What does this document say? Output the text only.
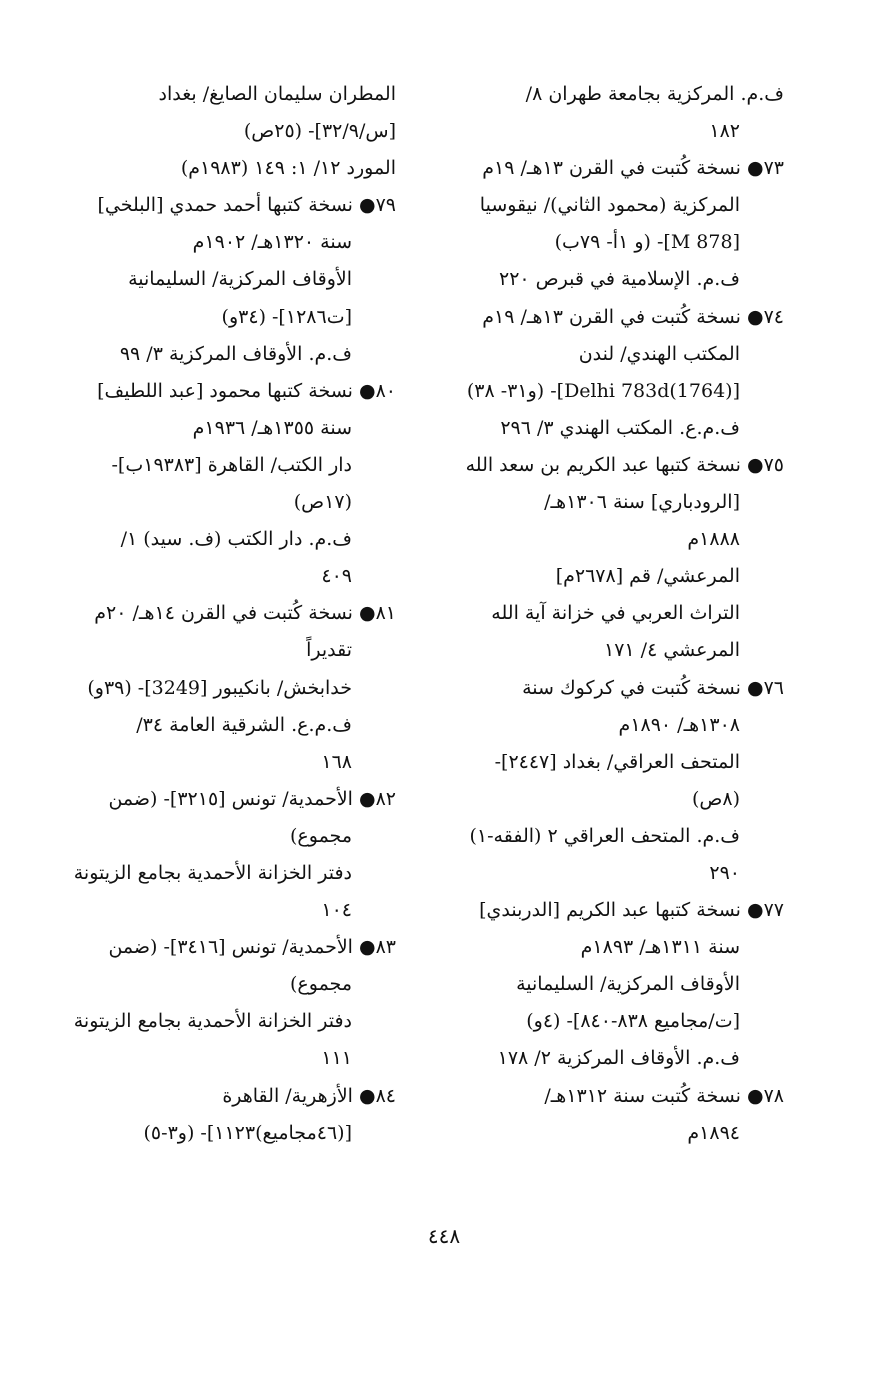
ف.م. المركزية بجامعة طهران ٨/
١٨٢
٧٣● نسخة كُتبت في القرن ١٣هـ/ ١٩م
المركزية (محمود الثاني)/ نيقوسيا
[M 878]- (و ١أ- ٧٩ب)
ف.م. الإسلامية في قبرص ٢٢٠
٧٤● نسخة كُتبت في القرن ١٣هـ/ ١٩م
المكتب الهندي/ لندن
[Delhi 783d(1764)]- (و٣١- ٣٨)
ف.م.ع. المكتب الهندي ٣/ ٢٩٦
٧٥● نسخة كتبها عبد الكريم بن سعد الله
[الرودباري] سنة ١٣٠٦هـ/
١٨٨٨م
المرعشي/ قم [٢٦٧٨م]
التراث العربي في خزانة آية الله
المرعشي ٤/ ١٧١
٧٦● نسخة كُتبت في كركوك سنة
١٣٠٨هـ/ ١٨٩٠م
المتحف العراقي/ بغداد [٢٤٤٧]-
(٨ص)
ف.م. المتحف العراقي ٢ (الفقه-١)
٢٩٠
٧٧● نسخة كتبها عبد الكريم [الدربندي]
سنة ١٣١١هـ/ ١٨٩٣م
الأوقاف المركزية/ السليمانية
[ت/مجاميع ٨٣٨-٨٤٠]- (٤و)
ف.م. الأوقاف المركزية ٢/ ١٧٨
٧٨● نسخة كُتبت سنة ١٣١٢هـ/
١٨٩٤م
المطران سليمان الصايغ/ بغداد
[س/٣٢/٩]- (٢٥ص)
المورد ١٢/ ١: ١٤٩ (١٩٨٣م)
٧٩● نسخة كتبها أحمد حمدي [البلخي]
سنة ١٣٢٠هـ/ ١٩٠٢م
الأوقاف المركزية/ السليمانية
[ت١٢٨٦]- (٣٤و)
ف.م. الأوقاف المركزية ٣/ ٩٩
٨٠● نسخة كتبها محمود [عبد اللطيف]
سنة ١٣٥٥هـ/ ١٩٣٦م
دار الكتب/ القاهرة [١٩٣٨٣ب]-
(١٧ص)
ف.م. دار الكتب (ف. سيد) ١/
٤٠٩
٨١● نسخة كُتبت في القرن ١٤هـ/ ٢٠م
تقديراً
خدابخش/ بانكيبور [3249]- (٣٩و)
ف.م.ع. الشرقية العامة ٣٤/
١٦٨
٨٢● الأحمدية/ تونس [٣٢١٥]- (ضمن
مجموع)
دفتر الخزانة الأحمدية بجامع الزيتونة
١٠٤
٨٣● الأحمدية/ تونس [٣٤١٦]- (ضمن
مجموع)
دفتر الخزانة الأحمدية بجامع الزيتونة
١١١
٨٤● الأزهرية/ القاهرة
[(٤٦مجاميع)١١٢٣]- (و٣-٥)
٤٤٨
